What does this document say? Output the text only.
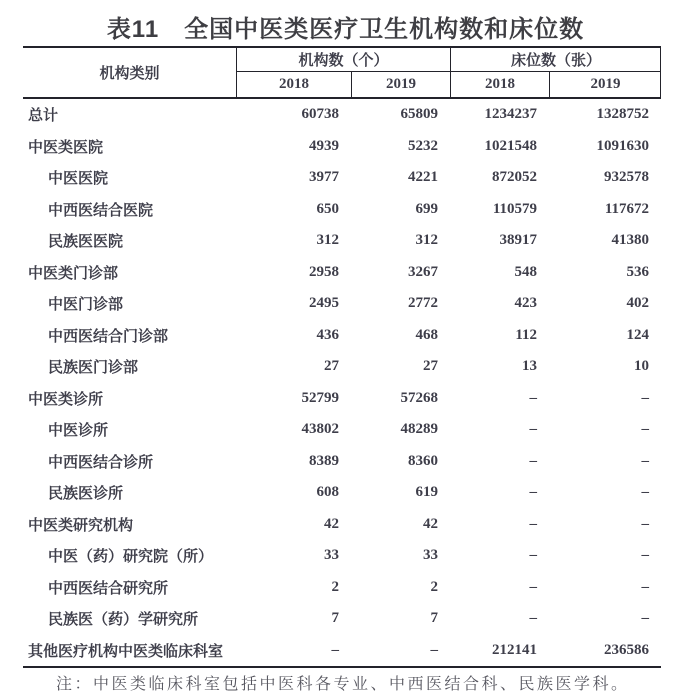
表11　全国中医类医疗卫生机构数和床位数
机构类别
机构数（个）	床位数（张）
2018	2019	2018	2019
总计	60738	65809	1234237	1328752
中医类医院	4939	5232	1021548	1091630
中医医院	3977	4221	872052	932578
中西医结合医院	650	699	110579	117672
民族医医院	312	312	38917	41380
中医类门诊部	2958	3267	548	536
中医门诊部	2495	2772	423	402
中西医结合门诊部	436	468	112	124
民族医门诊部	27	27	13	10
中医类诊所	52799	57268	–	–
中医诊所	43802	48289	–	–
中西医结合诊所	8389	8360	–	–
民族医诊所	608	619	–	–
中医类研究机构	42	42	–	–
中医（药）研究院（所）	33	33	–	–
中西医结合研究所	2	2	–	–
民族医（药）学研究所	7	7	–	–
其他医疗机构中医类临床科室	–	–	212141	236586
注：中医类临床科室包括中医科各专业、中西医结合科、民族医学科。
